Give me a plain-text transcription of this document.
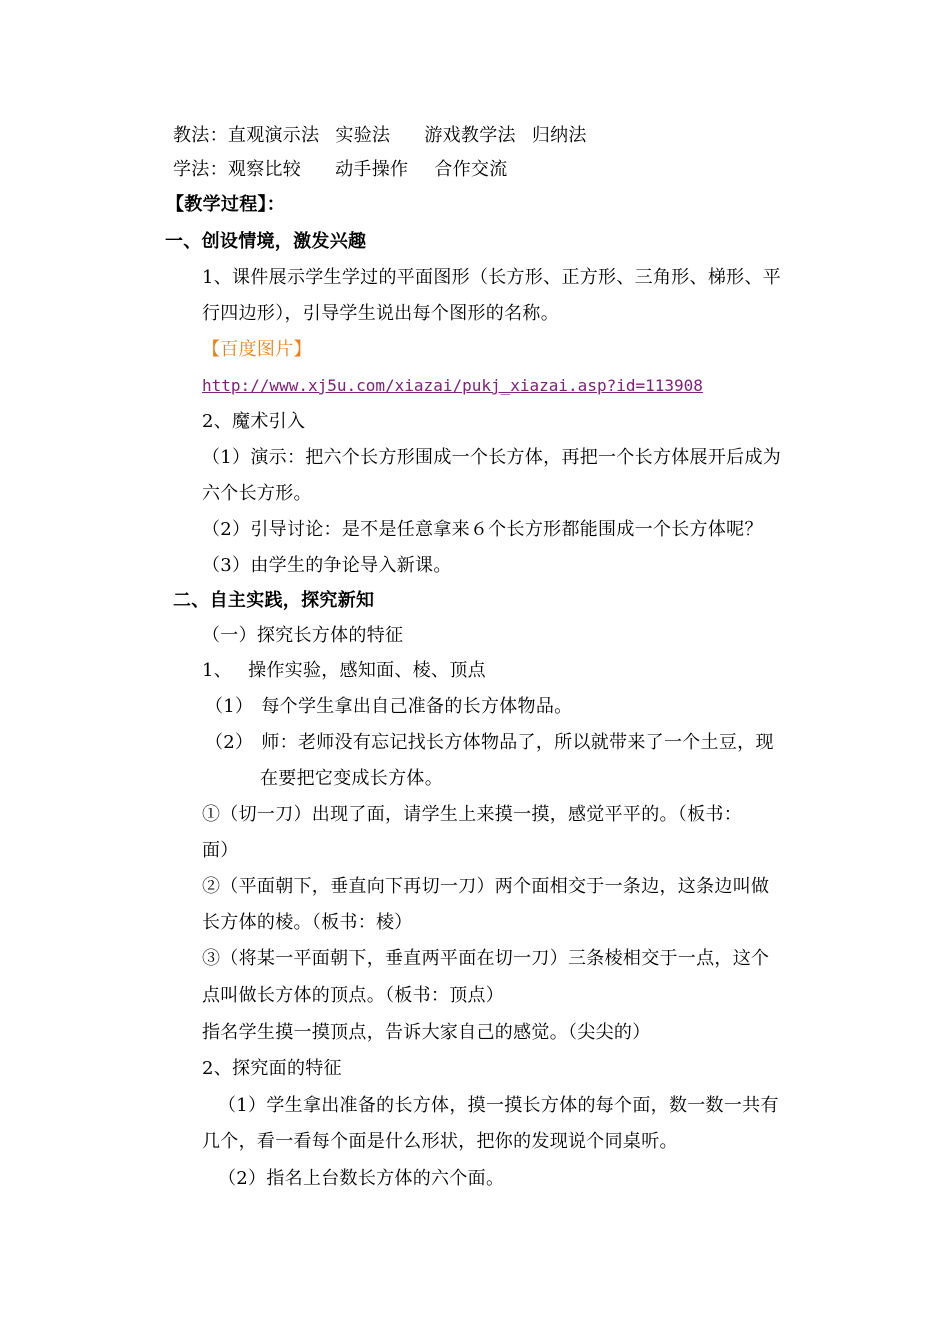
教法：直观演示法 实验法 游戏教学法 归纳法
学法：观察比较 动手操作 合作交流
【教学过程】：
一、创设情境，激发兴趣
1、课件展示学生学过的平面图形（长方形、正方形、三角形、梯形、平
行四边形），引导学生说出每个图形的名称。
【百度图片】
http://www.xj5u.com/xiazai/pukj_xiazai.asp?id=113908
2、魔术引入
（1）演示：把六个长方形围成一个长方体，再把一个长方体展开后成为
六个长方形。
（2）引导讨论：是不是任意拿来６个长方形都能围成一个长方体呢？
（3）由学生的争论导入新课。
二、自主实践，探究新知
（一）探究长方体的特征
1、 操作实验，感知面、棱、顶点
（1） 每个学生拿出自己准备的长方体物品。
（2） 师：老师没有忘记找长方体物品了，所以就带来了一个土豆，现
在要把它变成长方体。
①（切一刀）出现了面，请学生上来摸一摸，感觉平平的。（板书：
面）
②（平面朝下，垂直向下再切一刀）两个面相交于一条边，这条边叫做
长方体的棱。（板书：棱）
③（将某一平面朝下，垂直两平面在切一刀）三条棱相交于一点，这个
点叫做长方体的顶点。（板书：顶点）
指名学生摸一摸顶点，告诉大家自己的感觉。（尖尖的）
2、探究面的特征
（1）学生拿出准备的长方体，摸一摸长方体的每个面，数一数一共有
几个，看一看每个面是什么形状，把你的发现说个同桌听。
（2）指名上台数长方体的六个面。
